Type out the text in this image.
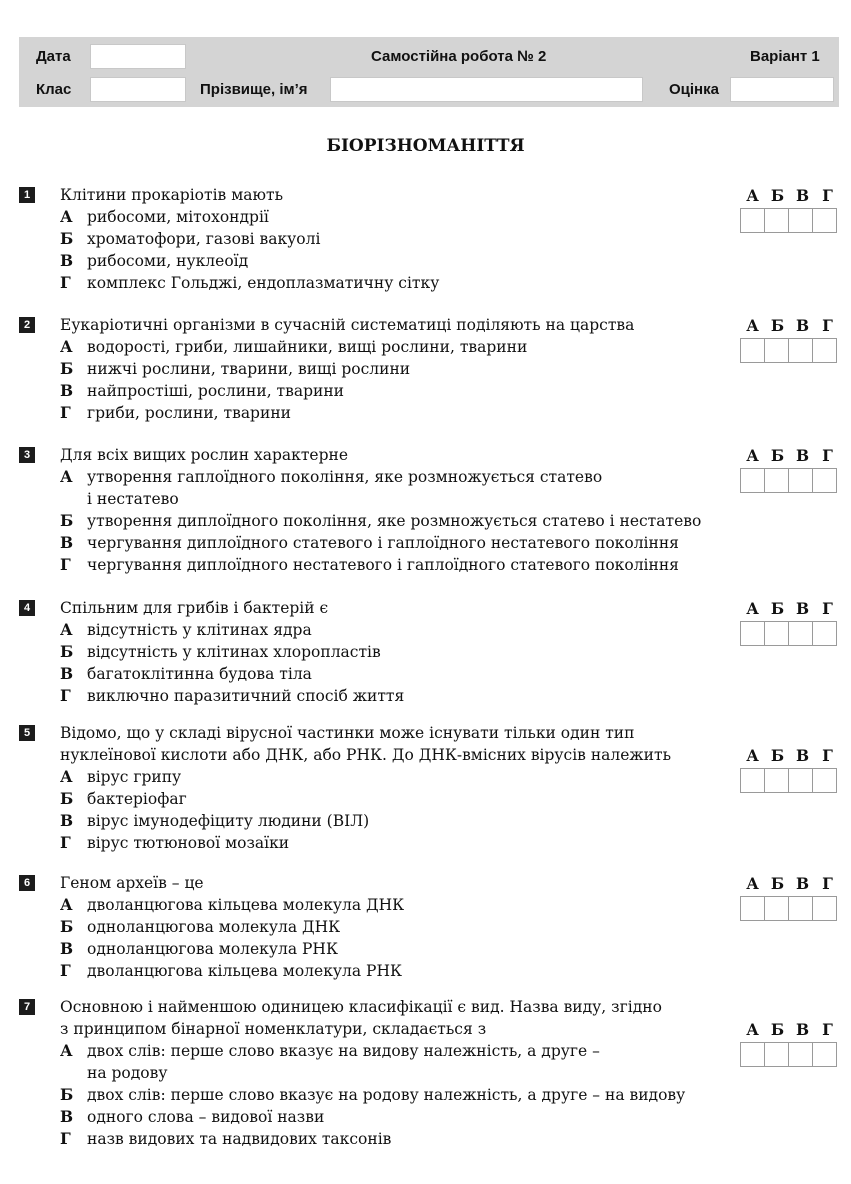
Дата	Самостійна робота № 2	Варіант 1
Клас	Прізвище, ім’я	Оцінка
БІОРІЗНОМАНІТТЯ
1	Клітини прокаріотів мають
А рибосоми, мітохондрії
Б хроматофори, газові вакуолі
В рибосоми, нуклеоїд
Г комплекс Гольджі, ендоплазматичну сітку
А Б В Г
2	Еукаріотичні організми в сучасній систематиці поділяють на царства
А водорості, гриби, лишайники, вищі рослини, тварини
Б нижчі рослини, тварини, вищі рослини
В найпростіші, рослини, тварини
Г гриби, рослини, тварини
А Б В Г
3	Для всіх вищих рослин характерне
А утворення гаплоїдного покоління, яке розмножується статево
і нестатево
Б утворення диплоїдного покоління, яке розмножується статево і нестатево
В чергування диплоїдного статевого і гаплоїдного нестатевого покоління
Г чергування диплоїдного нестатевого і гаплоїдного статевого покоління
А Б В Г
4	Спільним для грибів і бактерій є
А відсутність у клітинах ядра
Б відсутність у клітинах хлоропластів
В багатоклітинна будова тіла
Г виключно паразитичний спосіб життя
А Б В Г
5	Відомо, що у складі вірусної частинки може існувати тільки один тип
нуклеїнової кислоти або ДНК, або РНК. До ДНК-вмісних вірусів належить
А вірус грипу
Б бактеріофаг
В вірус імунодефіциту людини (ВІЛ)
Г вірус тютюнової мозаїки
А Б В Г
6	Геном археїв – це
А дволанцюгова кільцева молекула ДНК
Б одноланцюгова молекула ДНК
В одноланцюгова молекула РНК
Г дволанцюгова кільцева молекула РНК
А Б В Г
7	Основною і найменшою одиницею класифікації є вид. Назва виду, згідно
з принципом бінарної номенклатури, складається з
А двох слів: перше слово вказує на видову належність, а друге –
на родову
Б двох слів: перше слово вказує на родову належність, а друге – на видову
В одного слова – видової назви
Г назв видових та надвидових таксонів
А Б В Г
